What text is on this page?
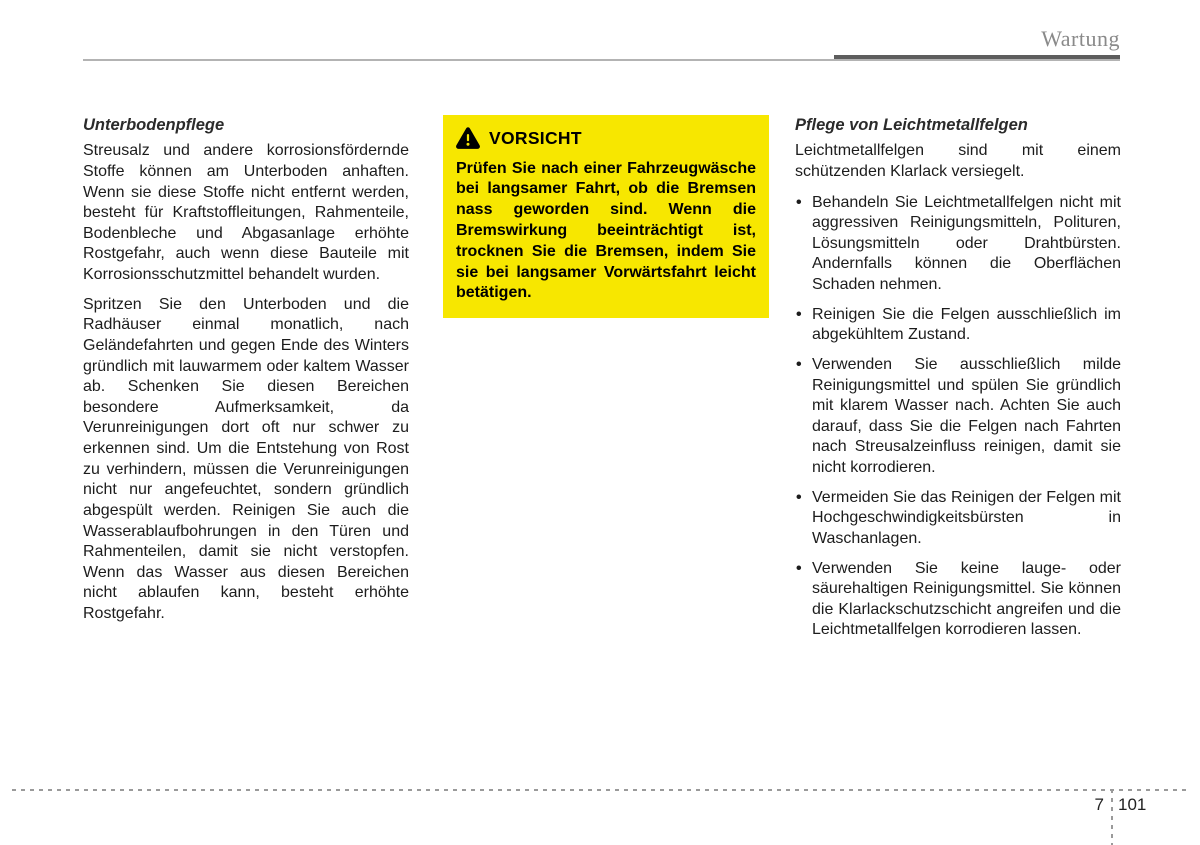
Wartung
Unterbodenpflege

Streusalz und andere korrosionsfördernde Stoffe können am Unterboden anhaften. Wenn sie diese Stoffe nicht entfernt werden, besteht für Kraftstoffleitungen, Rahmenteile, Bodenbleche und Abgasanlage erhöhte Rostgefahr, auch wenn diese Bauteile mit Korrosionsschutzmittel behandelt wurden.

Spritzen Sie den Unterboden und die Radhäuser einmal monatlich, nach Geländefahrten und gegen Ende des Winters gründlich mit lauwarmem oder kaltem Wasser ab. Schenken Sie diesen Bereichen besondere Aufmerksamkeit, da Verunreinigungen dort oft nur schwer zu erkennen sind. Um die Entstehung von Rost zu verhindern, müssen die Verunreinigungen nicht nur angefeuchtet, sondern gründlich abgespült werden. Reinigen Sie auch die Wasserablaufbohrungen in den Türen und Rahmenteilen, damit sie nicht verstopfen. Wenn das Wasser aus diesen Bereichen nicht ablaufen kann, besteht erhöhte Rostgefahr.

VORSICHT
Prüfen Sie nach einer Fahrzeugwäsche bei langsamer Fahrt, ob die Bremsen nass geworden sind. Wenn die Bremswirkung beeinträchtigt ist, trocknen Sie die Bremsen, indem Sie sie bei langsamer Vorwärtsfahrt leicht betätigen.
Pflege von Leichtmetallfelgen

Leichtmetallfelgen sind mit einem schützenden Klarlack versiegelt.

• Behandeln Sie Leichtmetallfelgen nicht mit aggressiven Reinigungsmitteln, Polituren, Lösungsmitteln oder Drahtbürsten. Andernfalls können die Oberflächen Schaden nehmen.
• Reinigen Sie die Felgen ausschließlich im abgekühltem Zustand.
• Verwenden Sie ausschließlich milde Reinigungsmittel und spülen Sie gründlich mit klarem Wasser nach. Achten Sie auch darauf, dass Sie die Felgen nach Fahrten nach Streusalzeinfluss reinigen, damit sie nicht korrodieren.
• Vermeiden Sie das Reinigen der Felgen mit Hochgeschwindigkeitsbürsten in Waschanlagen.
• Verwenden Sie keine lauge- oder säurehaltigen Reinigungsmittel. Sie können die Klarlackschutzschicht angreifen und die Leichtmetallfelgen korrodieren lassen.
7 101
